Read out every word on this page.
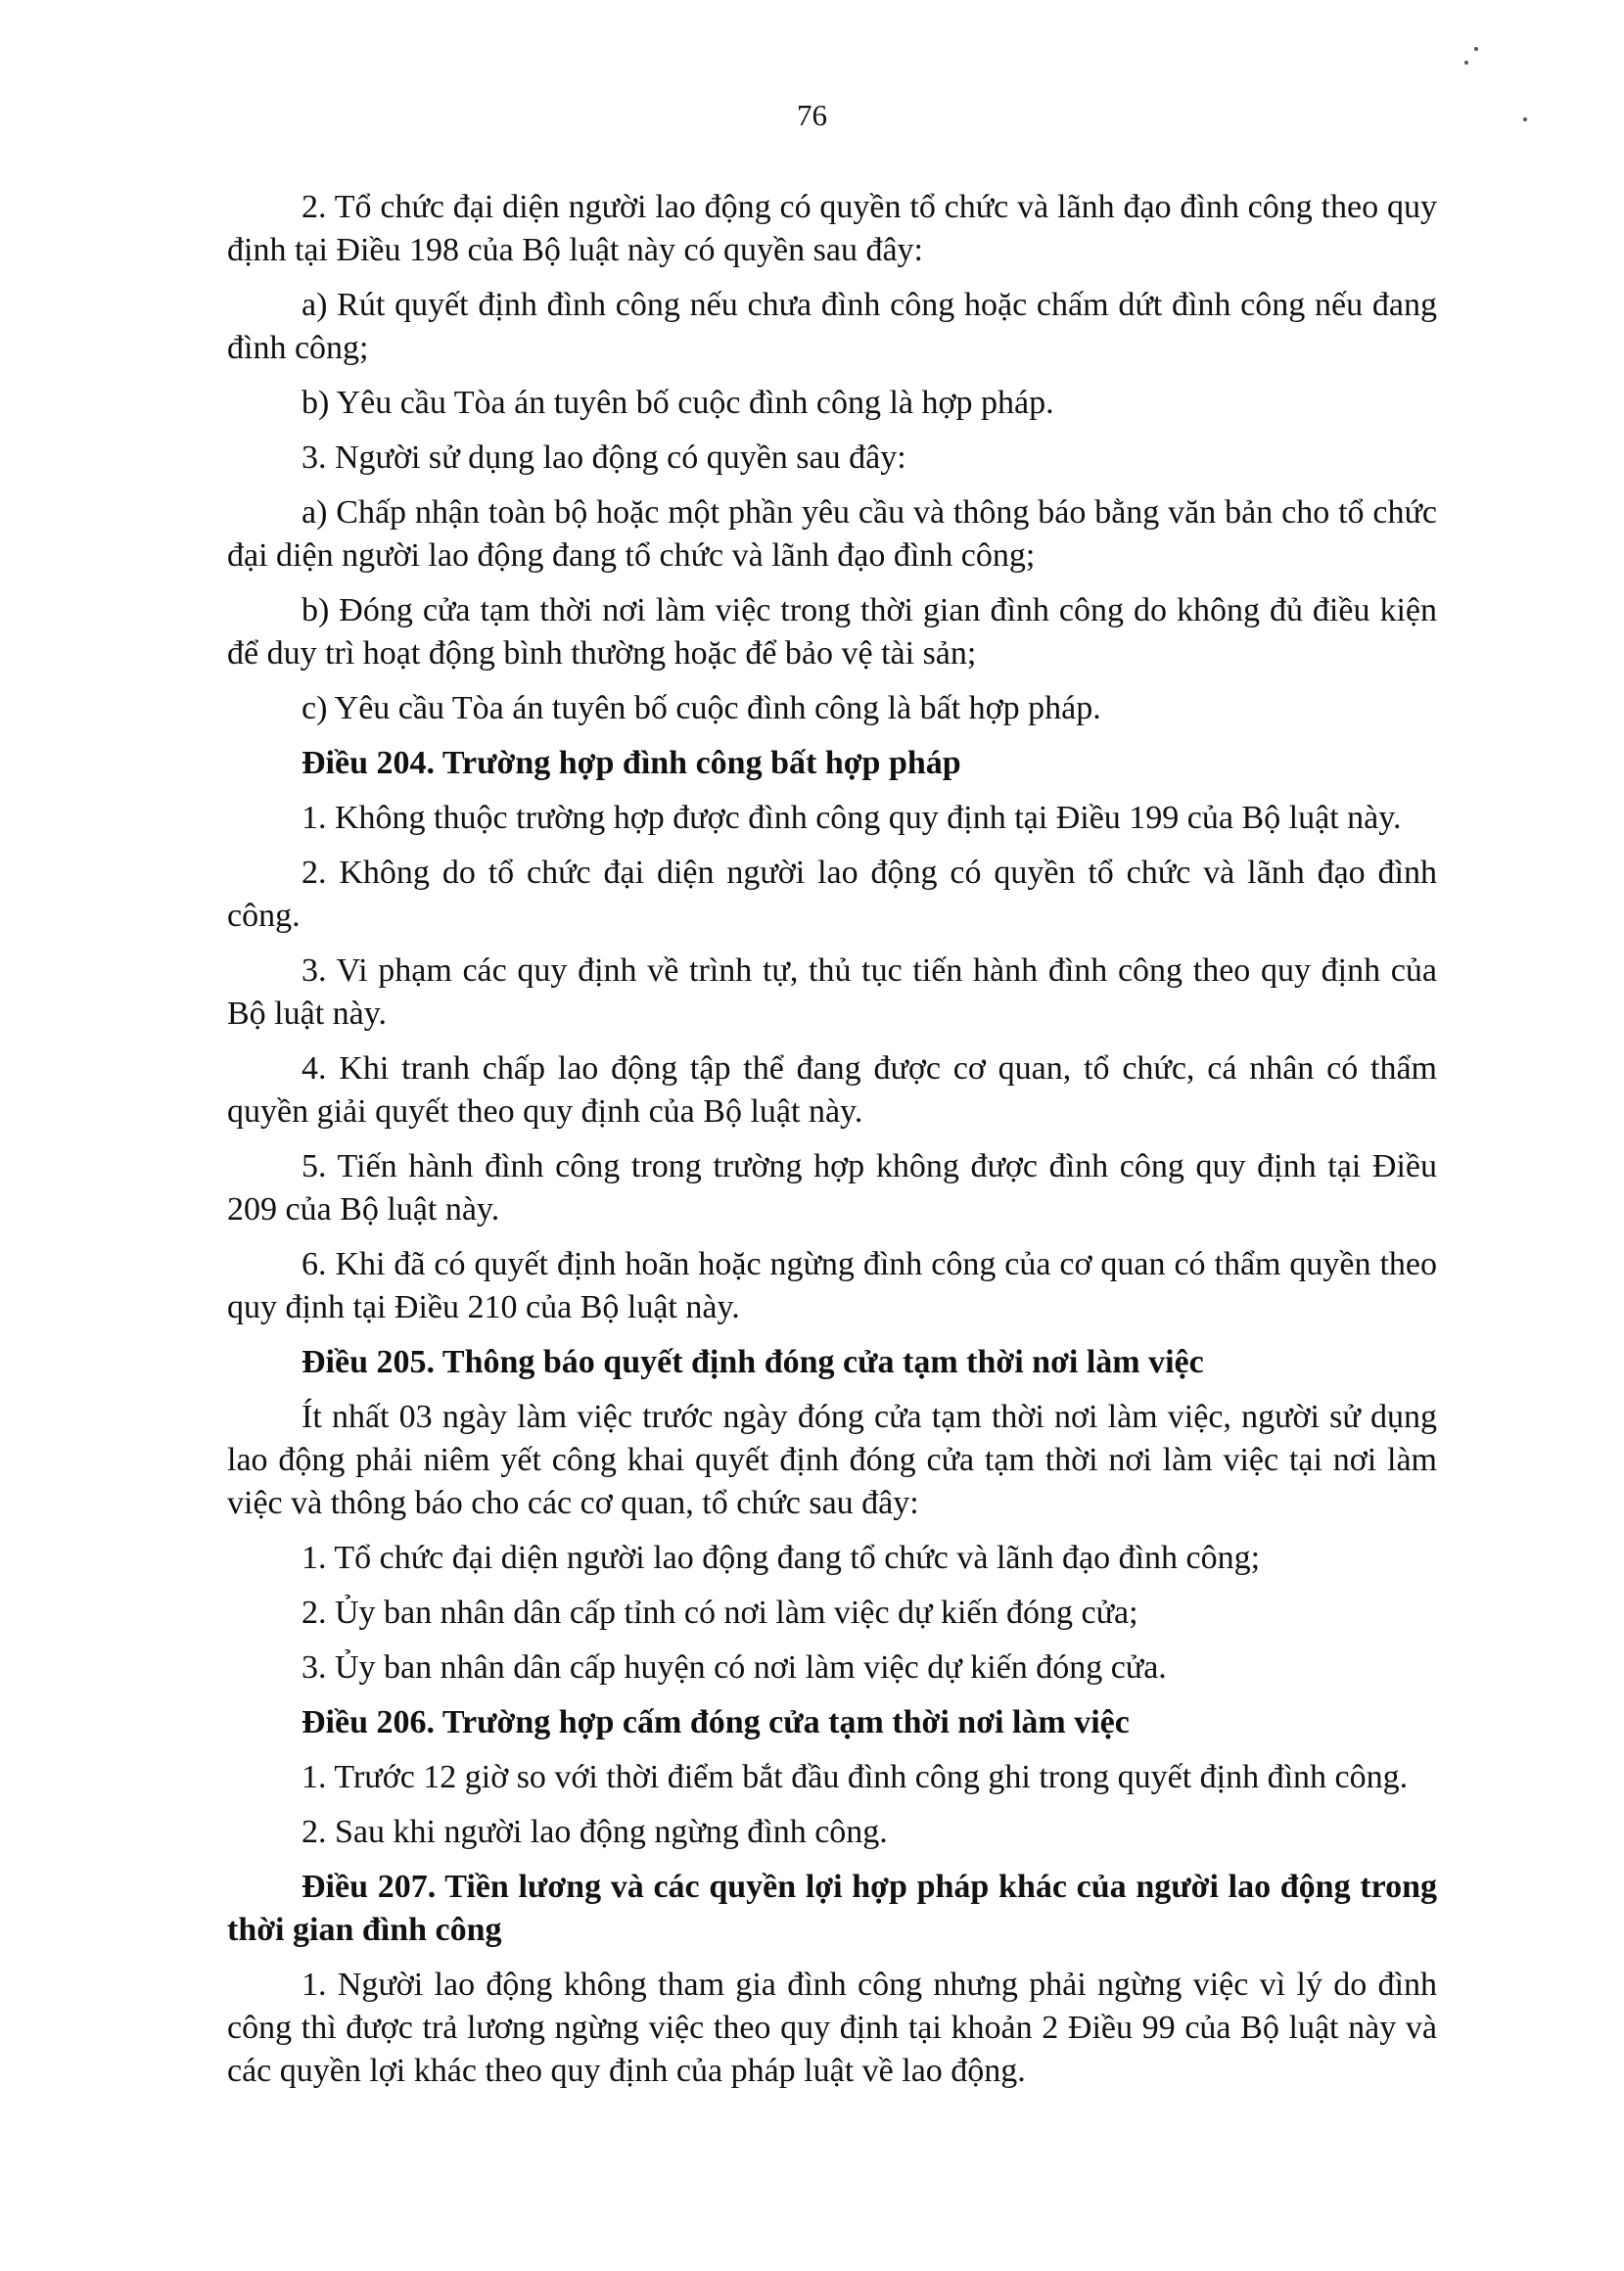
76

2. Tổ chức đại diện người lao động có quyền tổ chức và lãnh đạo đình công theo quy định tại Điều 198 của Bộ luật này có quyền sau đây:

a) Rút quyết định đình công nếu chưa đình công hoặc chấm dứt đình công nếu đang đình công;

b) Yêu cầu Tòa án tuyên bố cuộc đình công là hợp pháp.

3. Người sử dụng lao động có quyền sau đây:

a) Chấp nhận toàn bộ hoặc một phần yêu cầu và thông báo bằng văn bản cho tổ chức đại diện người lao động đang tổ chức và lãnh đạo đình công;

b) Đóng cửa tạm thời nơi làm việc trong thời gian đình công do không đủ điều kiện để duy trì hoạt động bình thường hoặc để bảo vệ tài sản;

c) Yêu cầu Tòa án tuyên bố cuộc đình công là bất hợp pháp.

Điều 204. Trường hợp đình công bất hợp pháp

1. Không thuộc trường hợp được đình công quy định tại Điều 199 của Bộ luật này.

2. Không do tổ chức đại diện người lao động có quyền tổ chức và lãnh đạo đình công.

3. Vi phạm các quy định về trình tự, thủ tục tiến hành đình công theo quy định của Bộ luật này.

4. Khi tranh chấp lao động tập thể đang được cơ quan, tổ chức, cá nhân có thẩm quyền giải quyết theo quy định của Bộ luật này.

5. Tiến hành đình công trong trường hợp không được đình công quy định tại Điều 209 của Bộ luật này.

6. Khi đã có quyết định hoãn hoặc ngừng đình công của cơ quan có thẩm quyền theo quy định tại Điều 210 của Bộ luật này.

Điều 205. Thông báo quyết định đóng cửa tạm thời nơi làm việc

Ít nhất 03 ngày làm việc trước ngày đóng cửa tạm thời nơi làm việc, người sử dụng lao động phải niêm yết công khai quyết định đóng cửa tạm thời nơi làm việc tại nơi làm việc và thông báo cho các cơ quan, tổ chức sau đây:

1. Tổ chức đại diện người lao động đang tổ chức và lãnh đạo đình công;

2. Ủy ban nhân dân cấp tỉnh có nơi làm việc dự kiến đóng cửa;

3. Ủy ban nhân dân cấp huyện có nơi làm việc dự kiến đóng cửa.

Điều 206. Trường hợp cấm đóng cửa tạm thời nơi làm việc

1. Trước 12 giờ so với thời điểm bắt đầu đình công ghi trong quyết định đình công.

2. Sau khi người lao động ngừng đình công.

Điều 207. Tiền lương và các quyền lợi hợp pháp khác của người lao động trong thời gian đình công

1. Người lao động không tham gia đình công nhưng phải ngừng việc vì lý do đình công thì được trả lương ngừng việc theo quy định tại khoản 2 Điều 99 của Bộ luật này và các quyền lợi khác theo quy định của pháp luật về lao động.
